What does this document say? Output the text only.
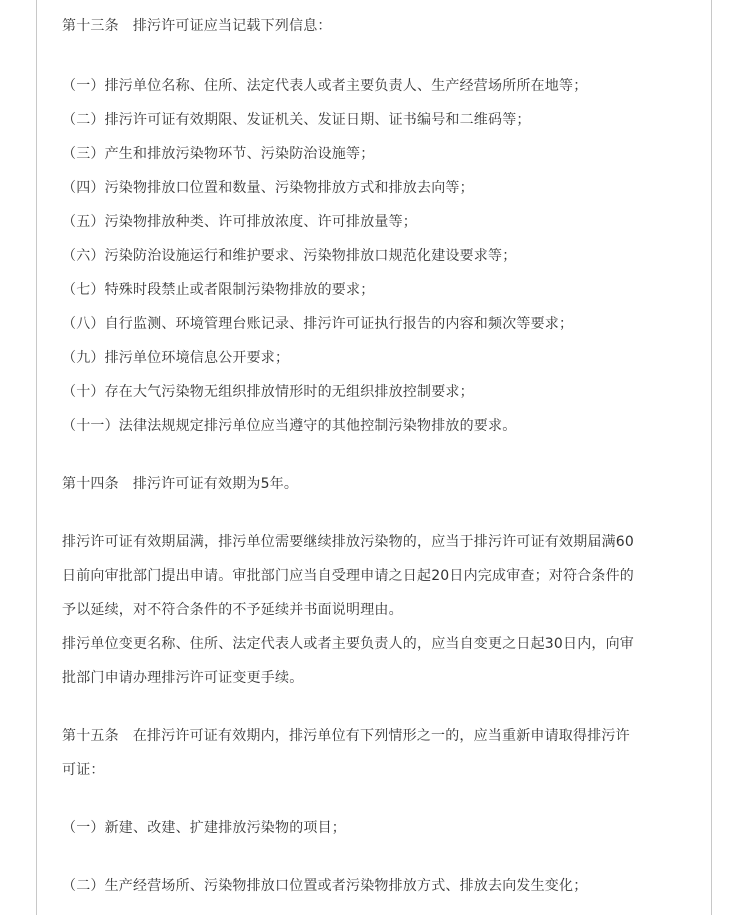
第十三条 排污许可证应当记载下列信息：
（一）排污单位名称、住所、法定代表人或者主要负责人、生产经营场所所在地等；
（二）排污许可证有效期限、发证机关、发证日期、证书编号和二维码等；
（三）产生和排放污染物环节、污染防治设施等；
（四）污染物排放口位置和数量、污染物排放方式和排放去向等；
（五）污染物排放种类、许可排放浓度、许可排放量等；
（六）污染防治设施运行和维护要求、污染物排放口规范化建设要求等；
（七）特殊时段禁止或者限制污染物排放的要求；
（八）自行监测、环境管理台账记录、排污许可证执行报告的内容和频次等要求；
（九）排污单位环境信息公开要求；
（十）存在大气污染物无组织排放情形时的无组织排放控制要求；
（十一）法律法规规定排污单位应当遵守的其他控制污染物排放的要求。
第十四条 排污许可证有效期为5年。
排污许可证有效期届满，排污单位需要继续排放污染物的，应当于排污许可证有效期届满60
日前向审批部门提出申请。审批部门应当自受理申请之日起20日内完成审查；对符合条件的
予以延续，对不符合条件的不予延续并书面说明理由。
排污单位变更名称、住所、法定代表人或者主要负责人的，应当自变更之日起30日内，向审
批部门申请办理排污许可证变更手续。
第十五条 在排污许可证有效期内，排污单位有下列情形之一的，应当重新申请取得排污许
可证：
（一）新建、改建、扩建排放污染物的项目；
（二）生产经营场所、污染物排放口位置或者污染物排放方式、排放去向发生变化；
